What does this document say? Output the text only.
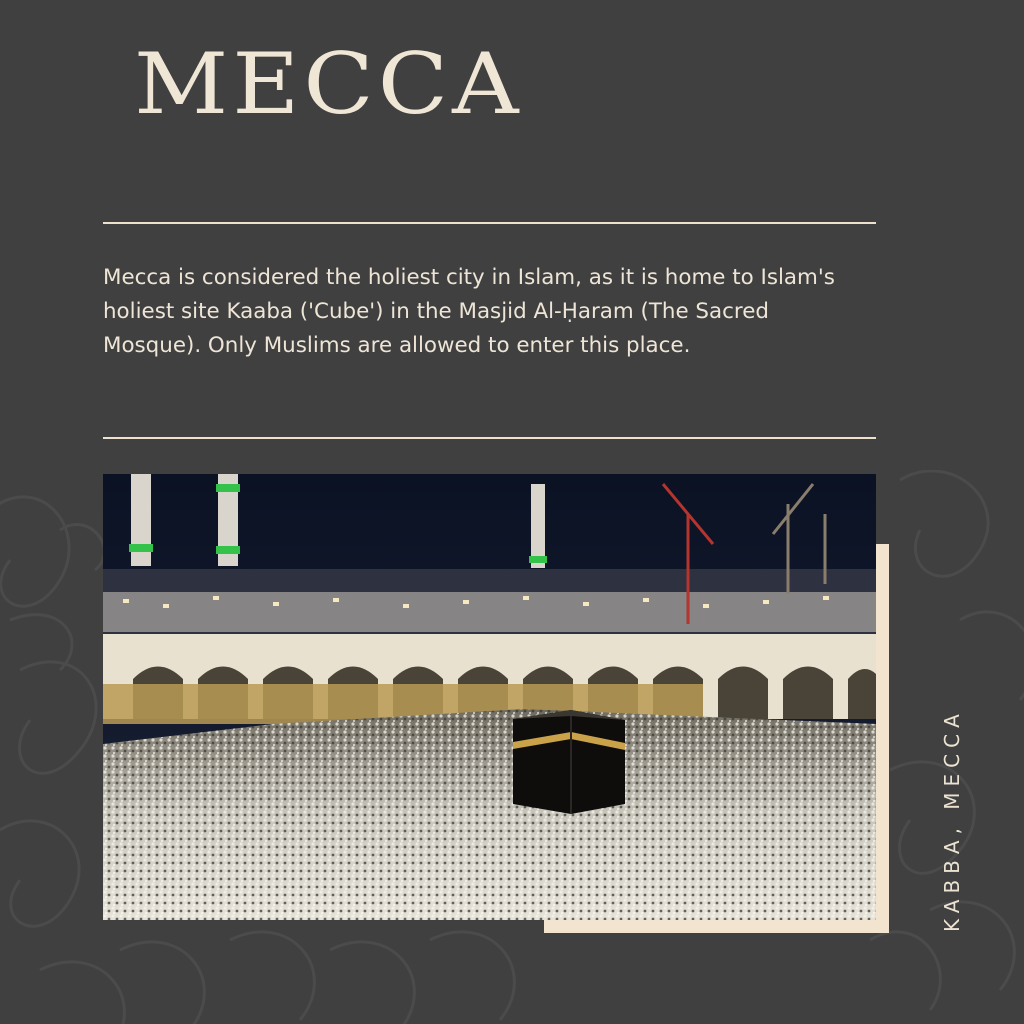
MECCA

Mecca is considered the holiest city in Islam, as it is home to Islam's holiest site Kaaba ('Cube') in the Masjid Al-Ḥaram (The Sacred Mosque). Only Muslims are allowed to enter this place.

KABBA, MECCA
